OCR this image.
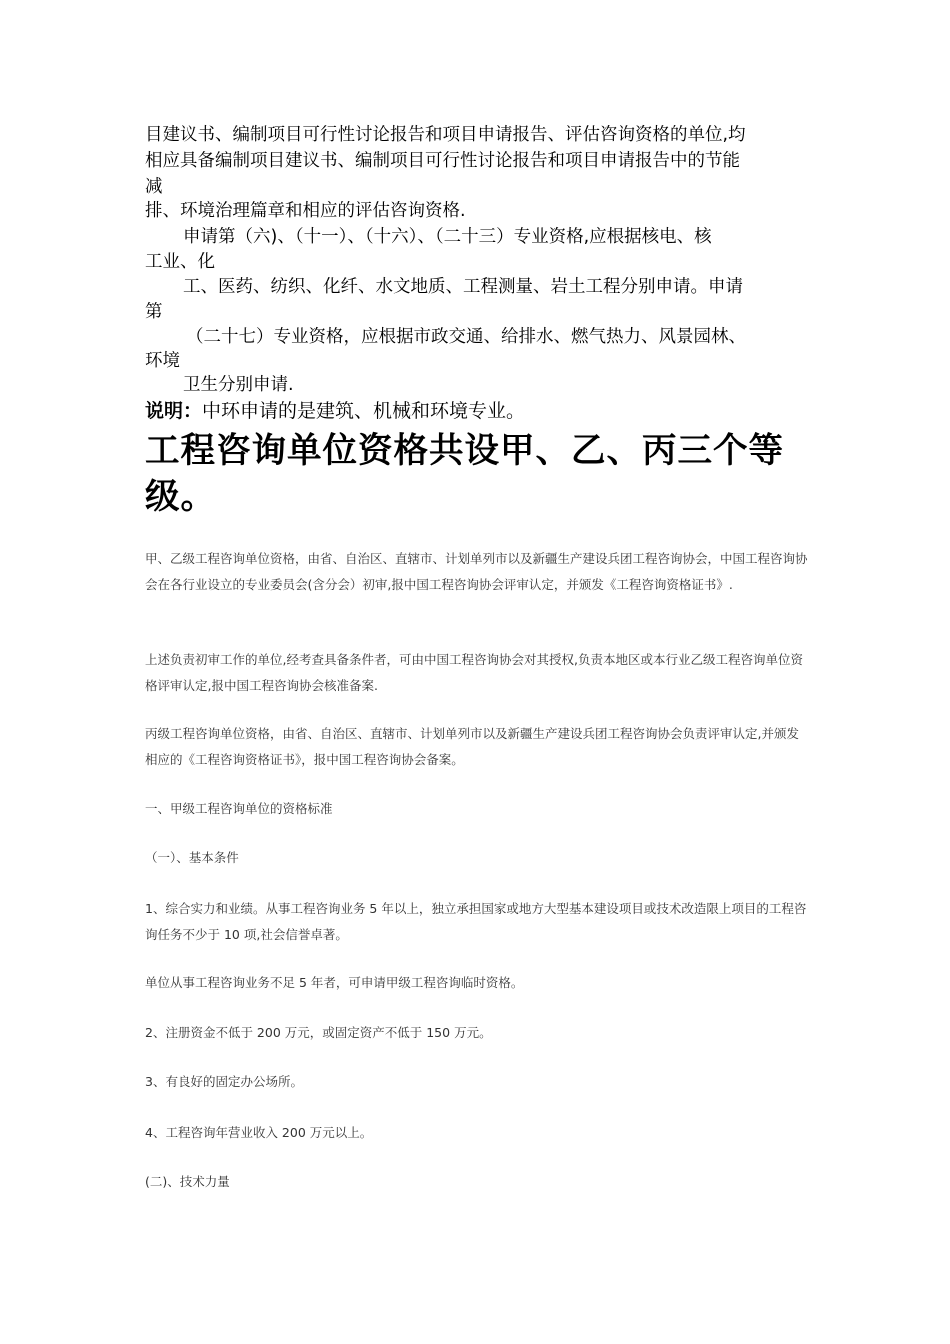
目建议书、编制项目可行性讨论报告和项目申请报告、评估咨询资格的单位,均
相应具备编制项目建议书、编制项目可行性讨论报告和项目申请报告中的节能
减
排、环境治理篇章和相应的评估咨询资格.
申请第（六)、（十一）、（十六）、（二十三）专业资格,应根据核电、核
工业、化
工、医药、纺织、化纤、水文地质、工程测量、岩土工程分别申请。申请
第
（二十七）专业资格，应根据市政交通、给排水、燃气热力、风景园林、
环境
卫生分别申请.
说明：中环申请的是建筑、机械和环境专业。
工程咨询单位资格共设甲、乙、丙三个等级。
甲、乙级工程咨询单位资格，由省、自治区、直辖市、计划单列市以及新疆生产建设兵团工程咨询协会，中国工程咨询协会在各行业设立的专业委员会(含分会）初审,报中国工程咨询协会评审认定，并颁发《工程咨询资格证书》.
上述负责初审工作的单位,经考查具备条件者，可由中国工程咨询协会对其授权,负责本地区或本行业乙级工程咨询单位资格评审认定,报中国工程咨询协会核准备案.
丙级工程咨询单位资格，由省、自治区、直辖市、计划单列市以及新疆生产建设兵团工程咨询协会负责评审认定,并颁发相应的《工程咨询资格证书》，报中国工程咨询协会备案。
一、甲级工程咨询单位的资格标准
（一）、基本条件
1、综合实力和业绩。从事工程咨询业务 5 年以上，独立承担国家或地方大型基本建设项目或技术改造限上项目的工程咨询任务不少于 10 项,社会信誉卓著。
单位从事工程咨询业务不足 5 年者，可申请甲级工程咨询临时资格。
2、注册资金不低于 200 万元，或固定资产不低于 150 万元。
3、有良好的固定办公场所。
4、工程咨询年营业收入 200 万元以上。
(二)、技术力量
